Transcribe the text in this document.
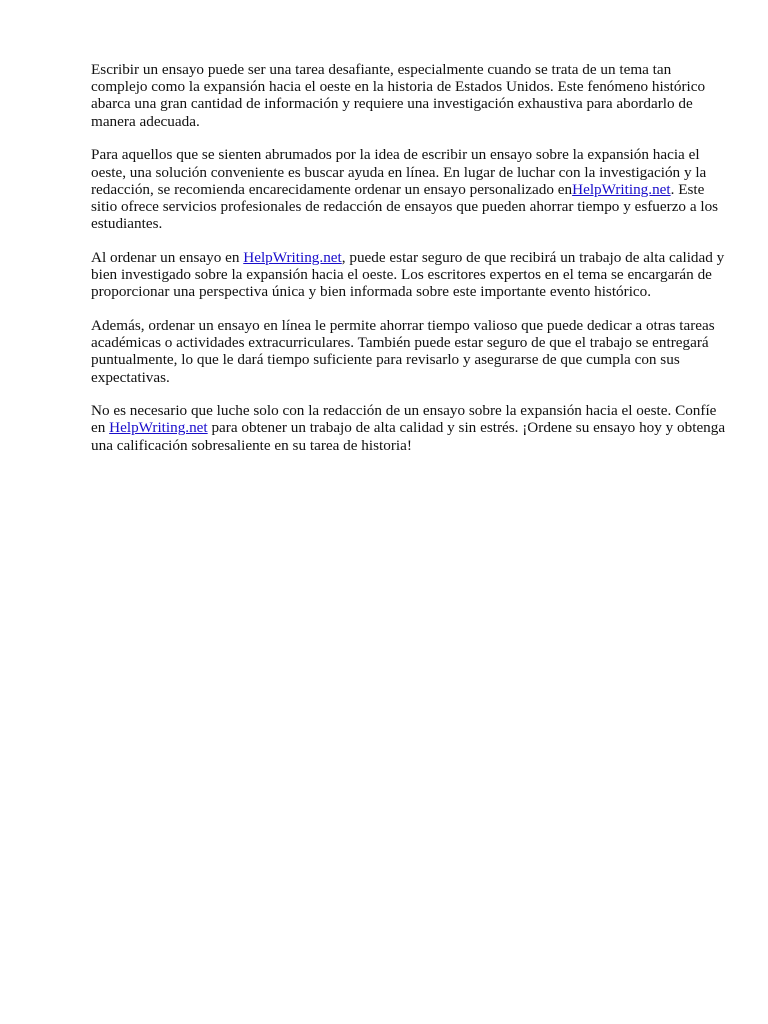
Escribir un ensayo puede ser una tarea desafiante, especialmente cuando se trata de un tema tan complejo como la expansión hacia el oeste en la historia de Estados Unidos. Este fenómeno histórico abarca una gran cantidad de información y requiere una investigación exhaustiva para abordarlo de manera adecuada.

Para aquellos que se sienten abrumados por la idea de escribir un ensayo sobre la expansión hacia el oeste, una solución conveniente es buscar ayuda en línea. En lugar de luchar con la investigación y la redacción, se recomienda encarecidamente ordenar un ensayo personalizado enHelpWriting.net. Este sitio ofrece servicios profesionales de redacción de ensayos que pueden ahorrar tiempo y esfuerzo a los estudiantes.

Al ordenar un ensayo en HelpWriting.net, puede estar seguro de que recibirá un trabajo de alta calidad y bien investigado sobre la expansión hacia el oeste. Los escritores expertos en el tema se encargarán de proporcionar una perspectiva única y bien informada sobre este importante evento histórico.

Además, ordenar un ensayo en línea le permite ahorrar tiempo valioso que puede dedicar a otras tareas académicas o actividades extracurriculares. También puede estar seguro de que el trabajo se entregará puntualmente, lo que le dará tiempo suficiente para revisarlo y asegurarse de que cumpla con sus expectativas.

No es necesario que luche solo con la redacción de un ensayo sobre la expansión hacia el oeste. Confíe en HelpWriting.net para obtener un trabajo de alta calidad y sin estrés. ¡Ordene su ensayo hoy y obtenga una calificación sobresaliente en su tarea de historia!
